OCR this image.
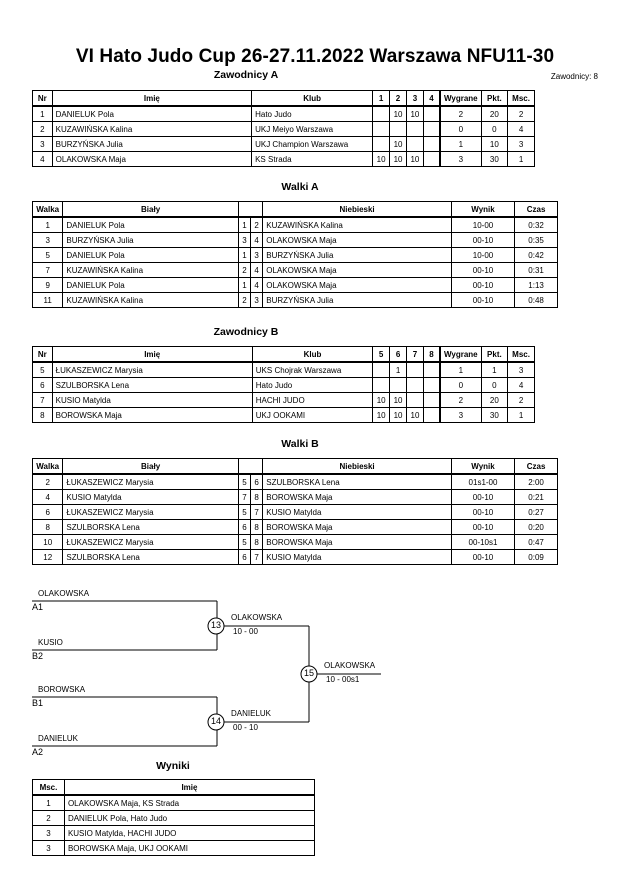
VI Hato Judo Cup 26-27.11.2022 Warszawa NFU11-30
Zawodnicy A	Zawodnicy: 8
Nr	Imię	Klub	1	2	3	4	Wygrane	Pkt.	Msc.
1	DANIELUK Pola	Hato Judo		10	10		2	20	2
2	KUZAWIŃSKA Kalina	UKJ Meiyo Warszawa					0	0	4
3	BURZYŃSKA Julia	UKJ Champion Warszawa		10			1	10	3
4	OLAKOWSKA Maja	KS Strada	10	10	10		3	30	1
Walki A
Walka	Biały			Niebieski	Wynik	Czas
1	DANIELUK Pola	1	2	KUZAWIŃSKA Kalina	10-00	0:32
3	BURZYŃSKA Julia	3	4	OLAKOWSKA Maja	00-10	0:35
5	DANIELUK Pola	1	3	BURZYŃSKA Julia	10-00	0:42
7	KUZAWIŃSKA Kalina	2	4	OLAKOWSKA Maja	00-10	0:31
9	DANIELUK Pola	1	4	OLAKOWSKA Maja	00-10	1:13
11	KUZAWIŃSKA Kalina	2	3	BURZYŃSKA Julia	00-10	0:48
Zawodnicy B
Nr	Imię	Klub	5	6	7	8	Wygrane	Pkt.	Msc.
5	ŁUKASZEWICZ Marysia	UKS Chojrak Warszawa		1			1	1	3
6	SZULBORSKA Lena	Hato Judo					0	0	4
7	KUSIO Matylda	HACHI JUDO	10	10			2	20	2
8	BOROWSKA Maja	UKJ OOKAMI	10	10	10		3	30	1
Walki B
Walka	Biały			Niebieski	Wynik	Czas
2	ŁUKASZEWICZ Marysia	5	6	SZULBORSKA Lena	01s1-00	2:00
4	KUSIO Matylda	7	8	BOROWSKA Maja	00-10	0:21
6	ŁUKASZEWICZ Marysia	5	7	KUSIO Matylda	00-10	0:27
8	SZULBORSKA Lena	6	8	BOROWSKA Maja	00-10	0:20
10	ŁUKASZEWICZ Marysia	5	8	BOROWSKA Maja	00-10s1	0:47
12	SZULBORSKA Lena	6	7	KUSIO Matylda	00-10	0:09
OLAKOWSKA
A1
KUSIO
B2
BOROWSKA
B1
DANIELUK
A2
13
OLAKOWSKA
10 - 00
14
DANIELUK
00 - 10
15
OLAKOWSKA
10 - 00s1
Wyniki
Msc.	Imię
1	OLAKOWSKA Maja, KS Strada
2	DANIELUK Pola, Hato Judo
3	KUSIO Matylda, HACHI JUDO
3	BOROWSKA Maja, UKJ OOKAMI
